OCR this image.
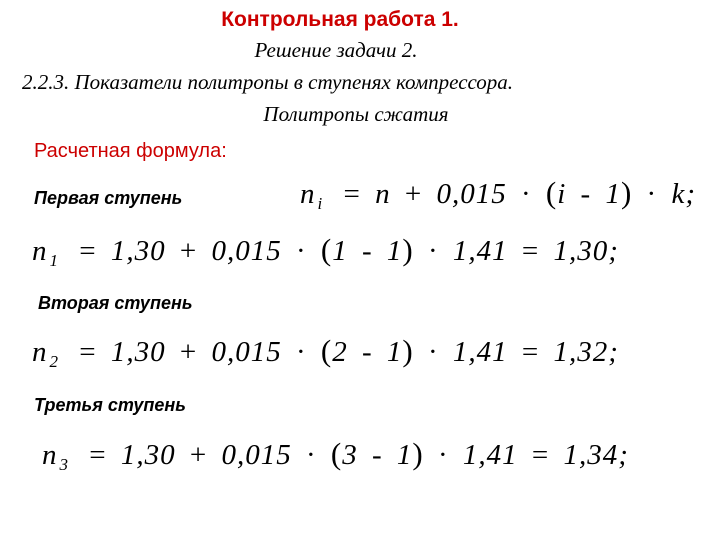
Контрольная работа 1.
Решение задачи 2.
2.2.3. Показатели политропы в ступенях компрессора.
Политропы сжатия
Расчетная формула:
n $_i$ = n + 0,015 · (i - 1) · k;
Первая ступень
n $_1$ = 1,30 + 0,015 · (1 - 1) · 1,41 = 1,30;
Вторая ступень
n $_2$ = 1,30 + 0,015 · (2 - 1) · 1,41 = 1,32;
Третья ступень
n $_3$ = 1,30 + 0,015 · (3 - 1) · 1,41 = 1,34;
